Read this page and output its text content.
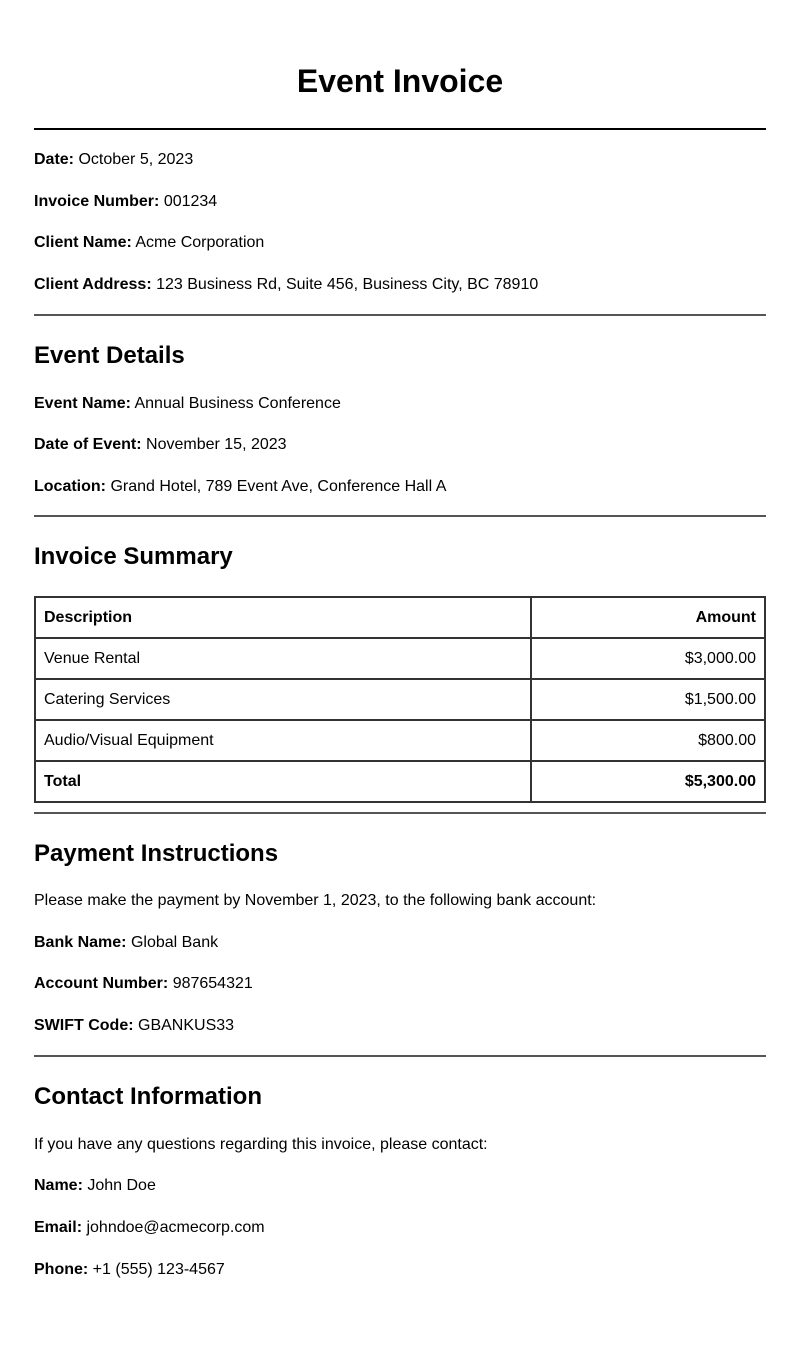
Event Invoice

Date: October 5, 2023

Invoice Number: 001234

Client Name: Acme Corporation

Client Address: 123 Business Rd, Suite 456, Business City, BC 78910

Event Details

Event Name: Annual Business Conference

Date of Event: November 15, 2023

Location: Grand Hotel, 789 Event Ave, Conference Hall A

Invoice Summary
Description	Amount
Venue Rental	$3,000.00
Catering Services	$1,500.00
Audio/Visual Equipment	$800.00
Total	$5,300.00
Payment Instructions

Please make the payment by November 1, 2023, to the following bank account:

Bank Name: Global Bank

Account Number: 987654321

SWIFT Code: GBANKUS33

Contact Information

If you have any questions regarding this invoice, please contact:

Name: John Doe

Email: johndoe@acmecorp.com

Phone: +1 (555) 123-4567
